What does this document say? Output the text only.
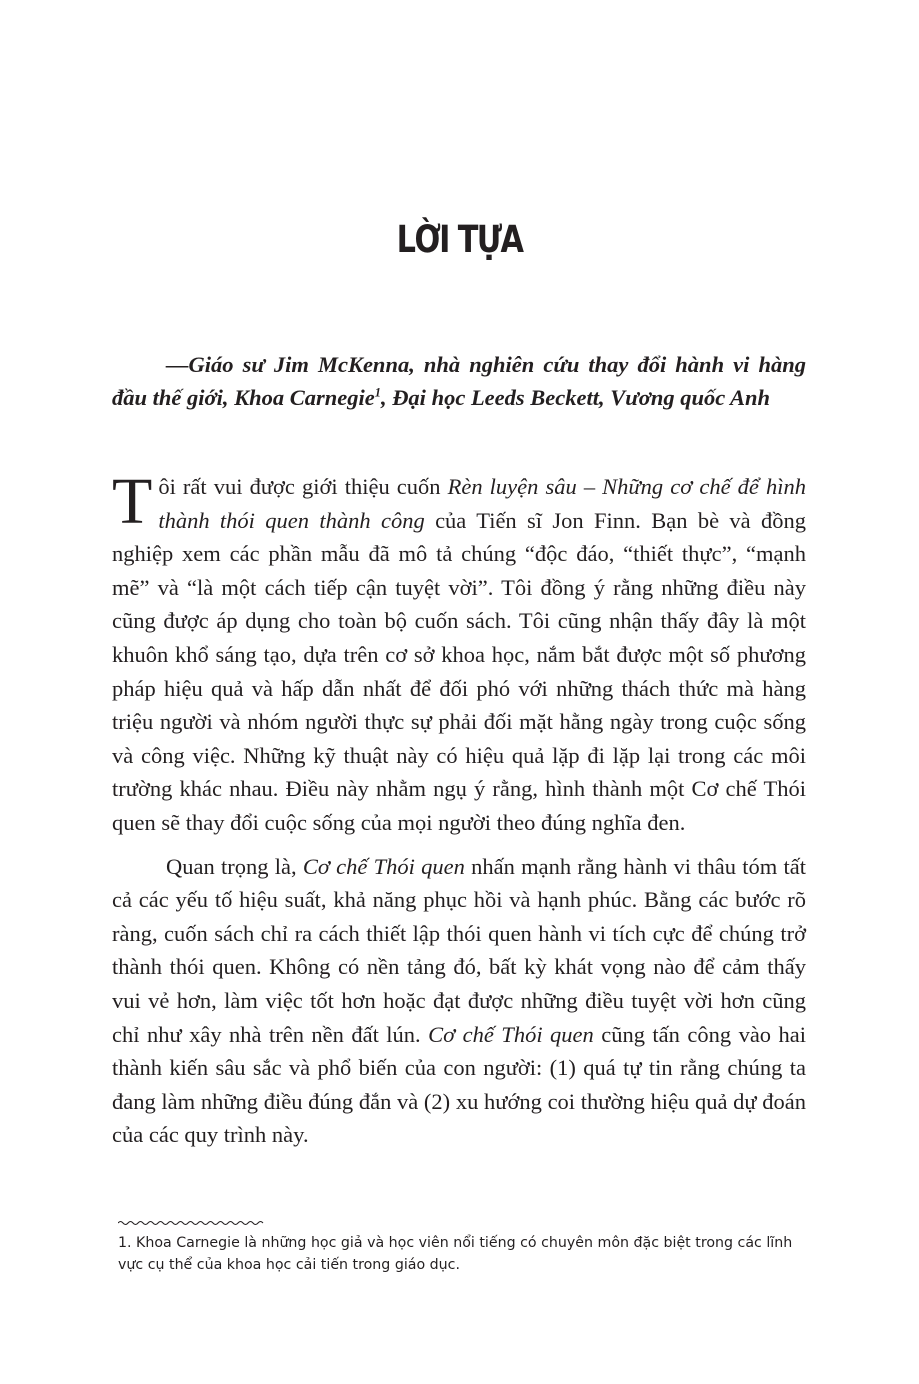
LỜI TỰA
—Giáo sư Jim McKenna, nhà nghiên cứu thay đổi hành vi hàng đầu thế giới, Khoa Carnegie$^1$, Đại học Leeds Beckett, Vương quốc Anh

Tôi rất vui được giới thiệu cuốn Rèn luyện sâu – Những cơ chế để hình thành thói quen thành công của Tiến sĩ Jon Finn. Bạn bè và đồng nghiệp xem các phần mẫu đã mô tả chúng “độc đáo, “thiết thực”, “mạnh mẽ” và “là một cách tiếp cận tuyệt vời”. Tôi đồng ý rằng những điều này cũng được áp dụng cho toàn bộ cuốn sách. Tôi cũng nhận thấy đây là một khuôn khổ sáng tạo, dựa trên cơ sở khoa học, nắm bắt được một số phương pháp hiệu quả và hấp dẫn nhất để đối phó với những thách thức mà hàng triệu người và nhóm người thực sự phải đối mặt hằng ngày trong cuộc sống và công việc. Những kỹ thuật này có hiệu quả lặp đi lặp lại trong các môi trường khác nhau. Điều này nhằm ngụ ý rằng, hình thành một Cơ chế Thói quen sẽ thay đổi cuộc sống của mọi người theo đúng nghĩa đen.

Quan trọng là, Cơ chế Thói quen nhấn mạnh rằng hành vi thâu tóm tất cả các yếu tố hiệu suất, khả năng phục hồi và hạnh phúc. Bằng các bước rõ ràng, cuốn sách chỉ ra cách thiết lập thói quen hành vi tích cực để chúng trở thành thói quen. Không có nền tảng đó, bất kỳ khát vọng nào để cảm thấy vui vẻ hơn, làm việc tốt hơn hoặc đạt được những điều tuyệt vời hơn cũng chỉ như xây nhà trên nền đất lún. Cơ chế Thói quen cũng tấn công vào hai thành kiến sâu sắc và phổ biến của con người: (1) quá tự tin rằng chúng ta đang làm những điều đúng đắn và (2) xu hướng coi thường hiệu quả dự đoán của các quy trình này.

1. Khoa Carnegie là những học giả và học viên nổi tiếng có chuyên môn đặc biệt trong các lĩnh vực cụ thể của khoa học cải tiến trong giáo dục.
